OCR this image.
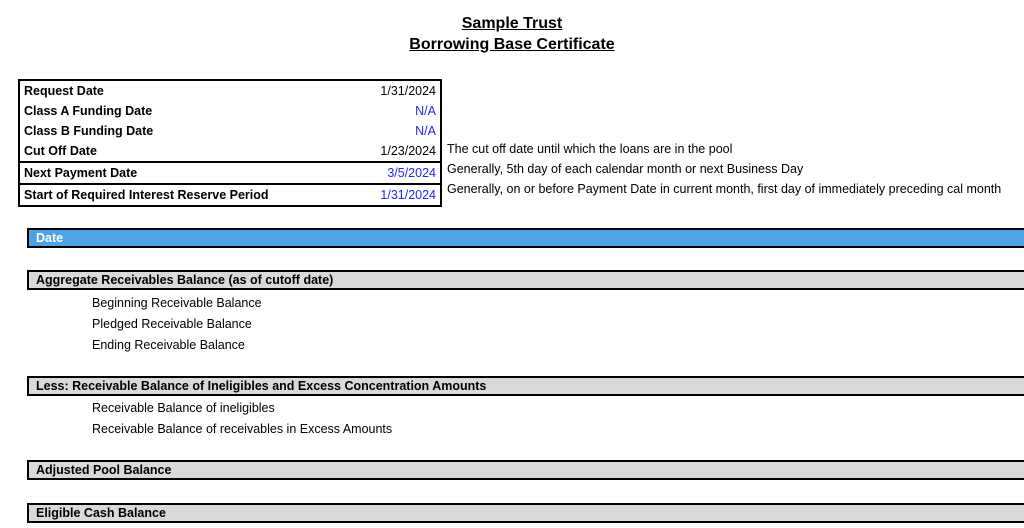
Sample Trust
Borrowing Base Certificate
Request Date	1/31/2024
Class A Funding Date	N/A
Class B Funding Date	N/A
Cut Off Date	1/23/2024
Next Payment Date	3/5/2024
Start of Required Interest Reserve Period	1/31/2024
The cut off date until which the loans are in the pool
Generally, 5th day of each calendar month or next Business Day
Generally, on or before Payment Date in current month, first day of immediately preceding cal month
Date
Aggregate Receivables Balance (as of cutoff date)
Beginning Receivable Balance
Pledged Receivable Balance
Ending Receivable Balance
Less: Receivable Balance of Ineligibles and Excess Concentration Amounts
Receivable Balance of ineligibles
Receivable Balance of receivables in Excess Amounts
Adjusted Pool Balance
Eligible Cash Balance
